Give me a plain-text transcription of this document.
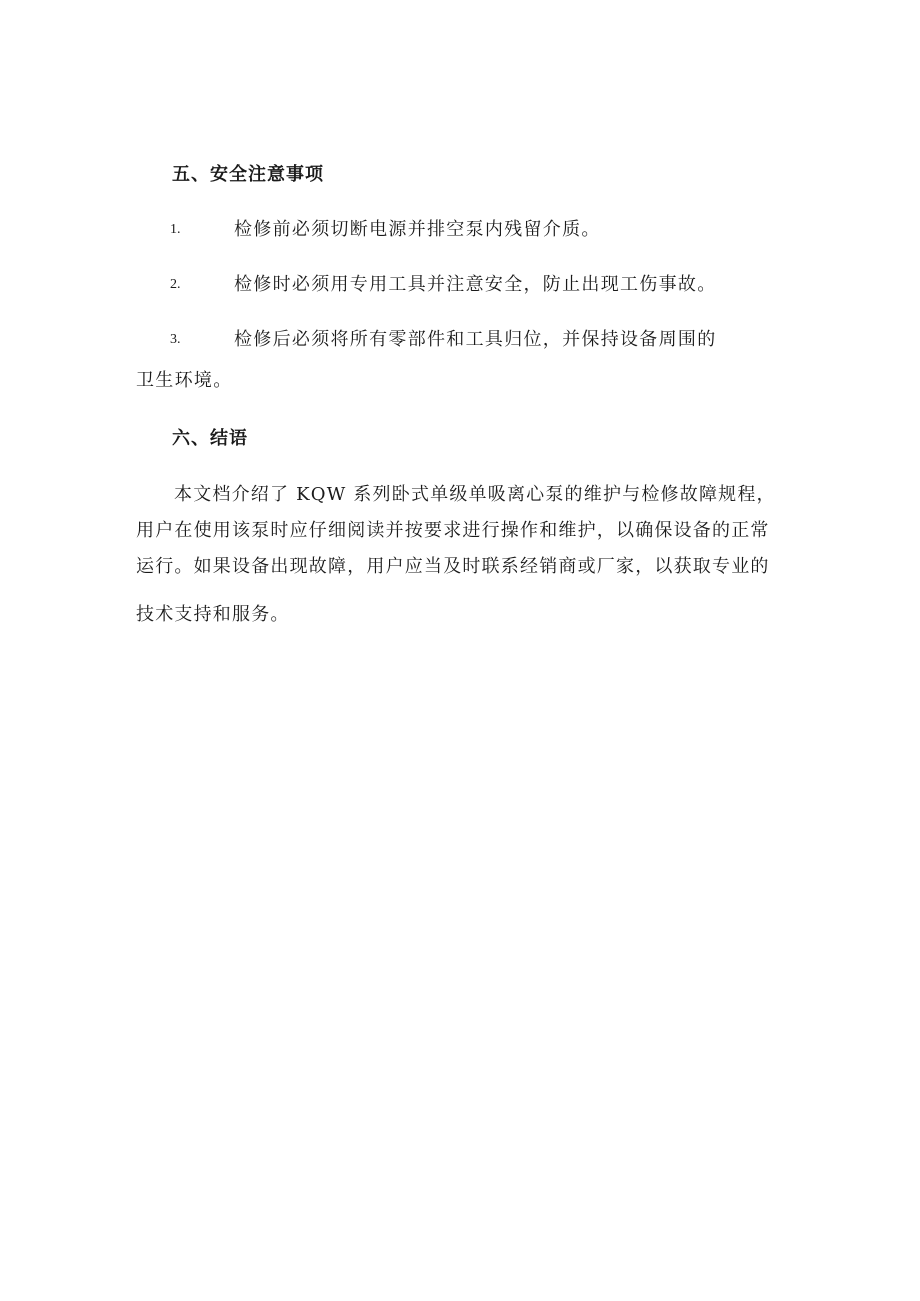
五、安全注意事项
1.	检修前必须切断电源并排空泵内残留介质。
2.	检修时必须用专用工具并注意安全，防止出现工伤事故。
3.	检修后必须将所有零部件和工具归位，并保持设备周围的
卫生环境。
六、结语
本文档介绍了 KQW 系列卧式单级单吸离心泵的维护与检修故障规程，
用户在使用该泵时应仔细阅读并按要求进行操作和维护，以确保设备的正常
运行。如果设备出现故障，用户应当及时联系经销商或厂家，以获取专业的
技术支持和服务。
